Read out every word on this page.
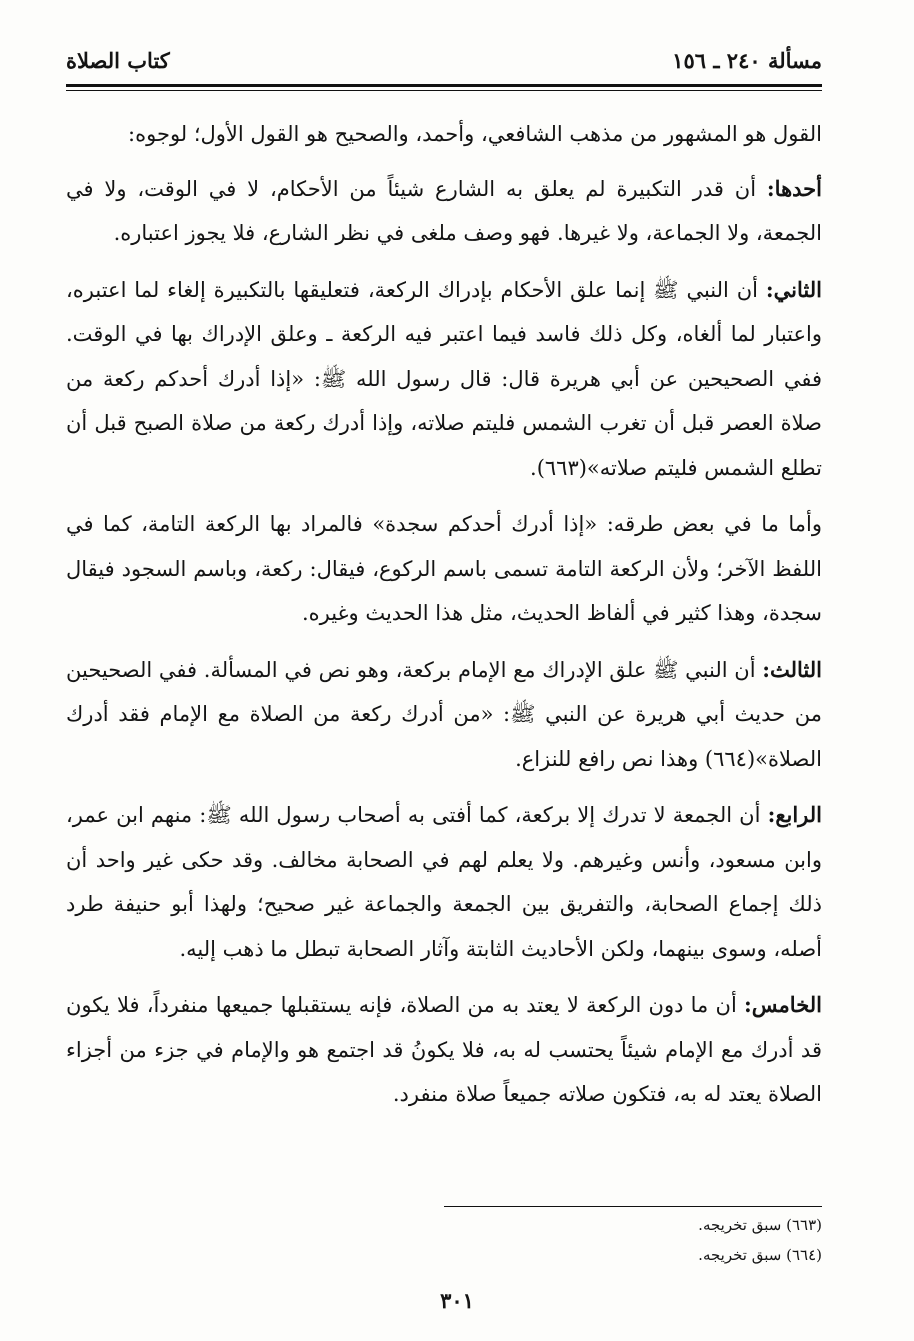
مسألة ٢٤٠ ـ ١٥٦
كتاب الصلاة

القول هو المشهور من مذهب الشافعي، وأحمد، والصحيح هو القول الأول؛ لوجوه:

أحدها: أن قدر التكبيرة لم يعلق به الشارع شيئاً من الأحكام، لا في الوقت، ولا في الجمعة، ولا الجماعة، ولا غيرها. فهو وصف ملغى في نظر الشارع، فلا يجوز اعتباره.

الثاني: أن النبي ﷺ إنما علق الأحكام بإدراك الركعة، فتعليقها بالتكبيرة إلغاء لما اعتبره، واعتبار لما ألغاه، وكل ذلك فاسد فيما اعتبر فيه الركعة ـ وعلق الإدراك بها في الوقت. ففي الصحيحين عن أبي هريرة قال: قال رسول الله ﷺ: «إذا أدرك أحدكم ركعة من صلاة العصر قبل أن تغرب الشمس فليتم صلاته، وإذا أدرك ركعة من صلاة الصبح قبل أن تطلع الشمس فليتم صلاته»(٦٦٣).

وأما ما في بعض طرقه: «إذا أدرك أحدكم سجدة» فالمراد بها الركعة التامة، كما في اللفظ الآخر؛ ولأن الركعة التامة تسمى باسم الركوع، فيقال: ركعة، وباسم السجود فيقال سجدة، وهذا كثير في ألفاظ الحديث، مثل هذا الحديث وغيره.

الثالث: أن النبي ﷺ علق الإدراك مع الإمام بركعة، وهو نص في المسألة. ففي الصحيحين من حديث أبي هريرة عن النبي ﷺ: «من أدرك ركعة من الصلاة مع الإمام فقد أدرك الصلاة»(٦٦٤) وهذا نص رافع للنزاع.

الرابع: أن الجمعة لا تدرك إلا بركعة، كما أفتى به أصحاب رسول الله ﷺ: منهم ابن عمر، وابن مسعود، وأنس وغيرهم. ولا يعلم لهم في الصحابة مخالف. وقد حكى غير واحد أن ذلك إجماع الصحابة، والتفريق بين الجمعة والجماعة غير صحيح؛ ولهذا أبو حنيفة طرد أصله، وسوى بينهما، ولكن الأحاديث الثابتة وآثار الصحابة تبطل ما ذهب إليه.

الخامس: أن ما دون الركعة لا يعتد به من الصلاة، فإنه يستقبلها جميعها منفرداً، فلا يكون قد أدرك مع الإمام شيئاً يحتسب له به، فلا يكونُ قد اجتمع هو والإمام في جزء من أجزاء الصلاة يعتد له به، فتكون صلاته جميعاً صلاة منفرد.

(٦٦٣) سبق تخريجه.

(٦٦٤) سبق تخريجه.

٣٠١
